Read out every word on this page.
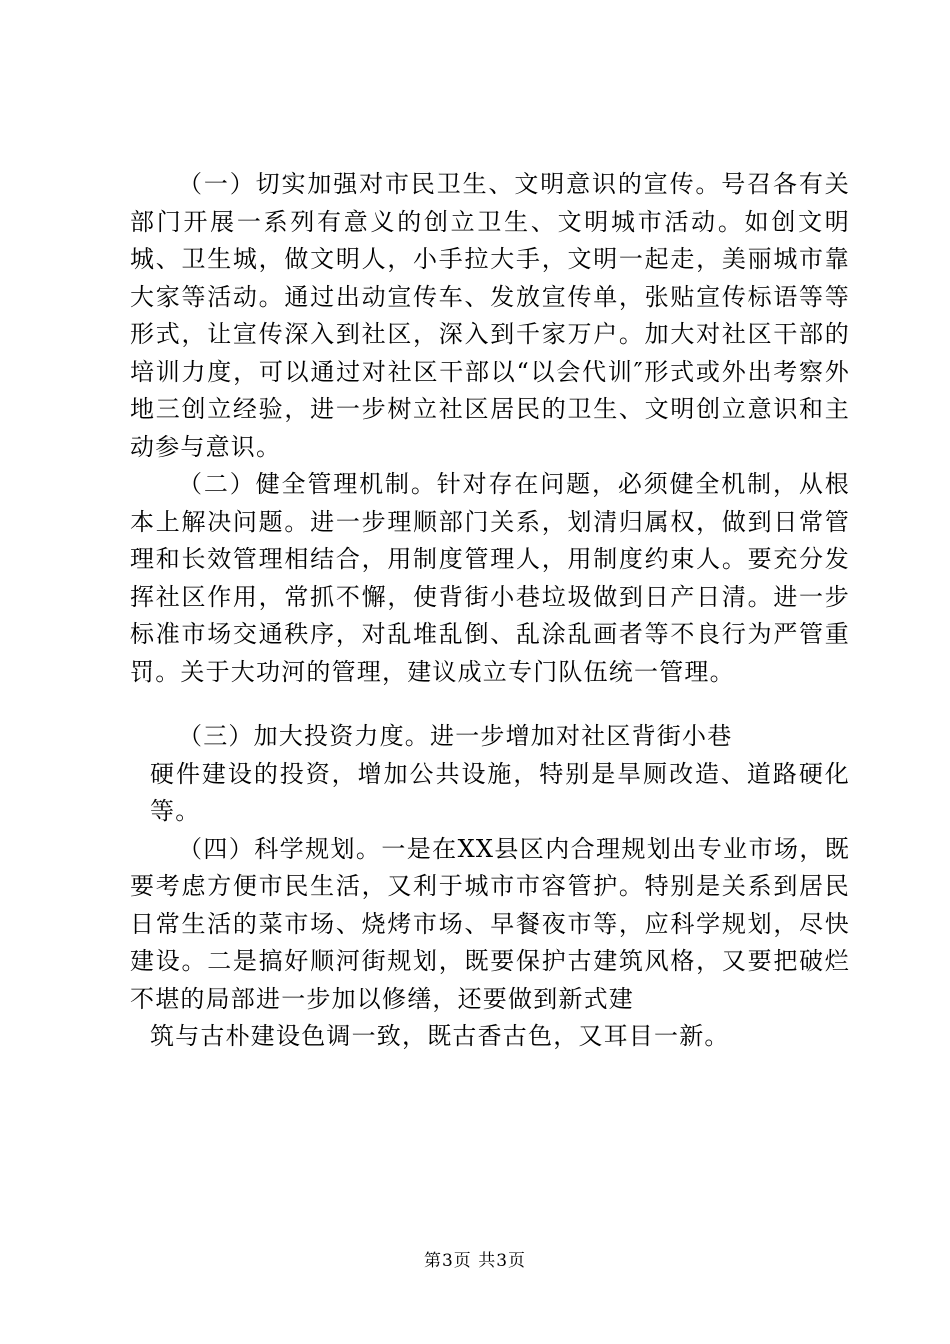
（一）切实加强对市民卫生、文明意识的宣传。号召各有关部门开展一系列有意义的创立卫生、文明城市活动。如创文明城、卫生城，做文明人，小手拉大手，文明一起走，美丽城市靠大家等活动。通过出动宣传车、发放宣传单，张贴宣传标语等等形式，让宣传深入到社区，深入到千家万户。加大对社区干部的培训力度，可以通过对社区干部以“以会代训″形式或外出考察外地三创立经验，进一步树立社区居民的卫生、文明创立意识和主动参与意识。

（二）健全管理机制。针对存在问题，必须健全机制，从根本上解决问题。进一步理顺部门关系，划清归属权，做到日常管理和长效管理相结合，用制度管理人，用制度约束人。要充分发挥社区作用，常抓不懈，使背街小巷垃圾做到日产日清。进一步标准市场交通秩序，对乱堆乱倒、乱涂乱画者等不良行为严管重罚。关于大功河的管理，建议成立专门队伍统一管理。

（三）加大投资力度。进一步增加对社区背街小巷

硬件建设的投资，增加公共设施，特别是旱厕改造、道路硬化等。

（四）科学规划。一是在XX县区内合理规划出专业市场，既要考虑方便市民生活，又利于城市市容管护。特别是关系到居民日常生活的菜市场、烧烤市场、早餐夜市等，应科学规划，尽快建设。二是搞好顺河街规划，既要保护古建筑风格，又要把破烂不堪的局部进一步加以修缮，还要做到新式建

筑与古朴建设色调一致，既古香古色，又耳目一新。

第3页 共3页
